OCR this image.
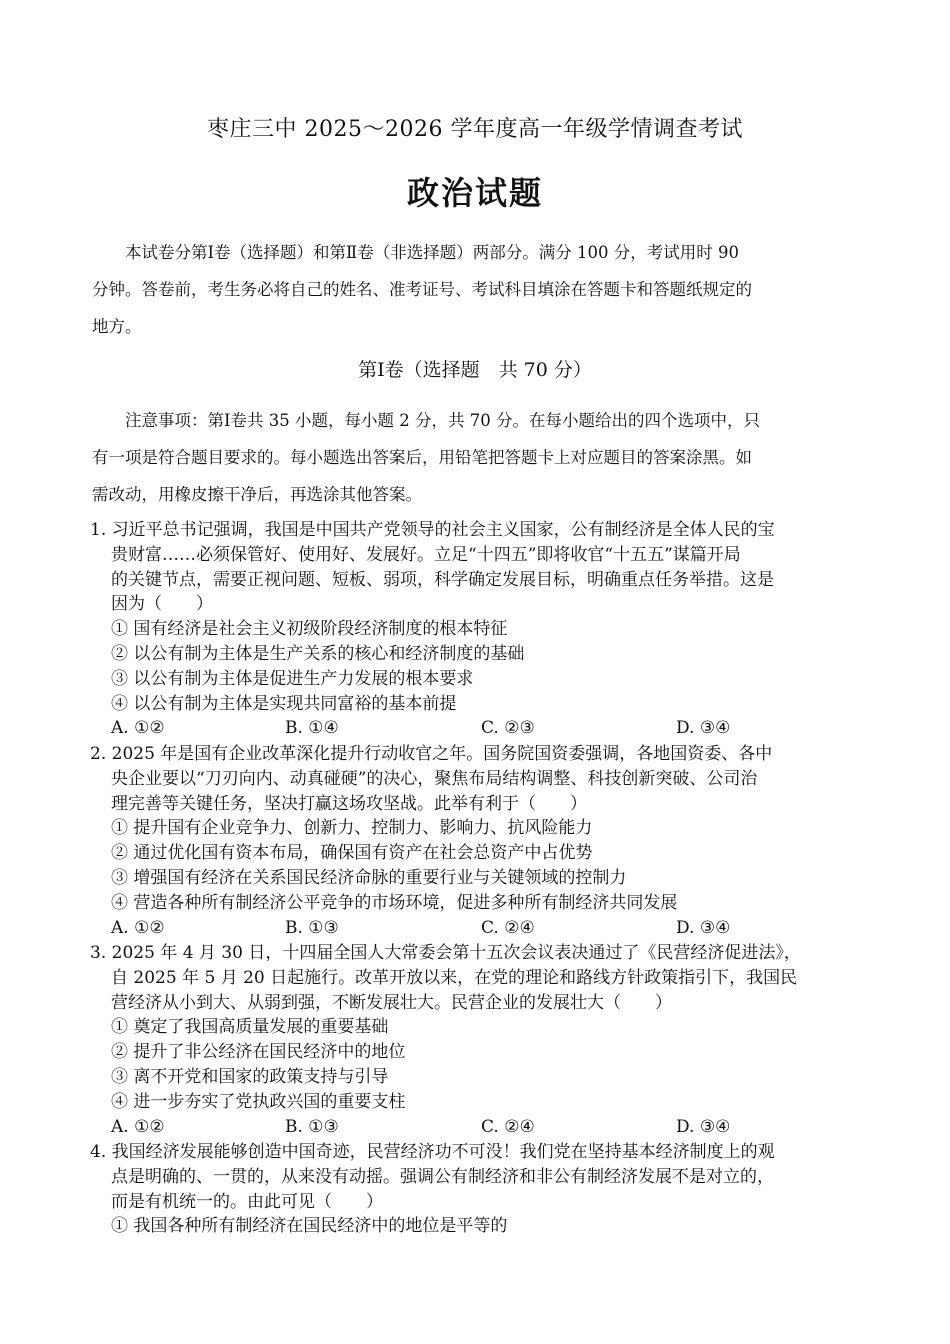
枣庄三中 2025～2026 学年度高一年级学情调查考试
政治试题
本试卷分第Ⅰ卷（选择题）和第Ⅱ卷（非选择题）两部分。满分 100 分，考试用时 90
分钟。答卷前，考生务必将自己的姓名、准考证号、考试科目填涂在答题卡和答题纸规定的
地方。
第Ⅰ卷（选择题　共 70 分）
注意事项：第Ⅰ卷共 35 小题，每小题 2 分，共 70 分。在每小题给出的四个选项中，只
有一项是符合题目要求的。每小题选出答案后，用铅笔把答题卡上对应题目的答案涂黑。如
需改动，用橡皮擦干净后，再选涂其他答案。
1. 习近平总书记强调，我国是中国共产党领导的社会主义国家，公有制经济是全体人民的宝
贵财富……必须保管好、使用好、发展好。立足“十四五”即将收官“十五五”谋篇开局
的关键节点，需要正视问题、短板、弱项，科学确定发展目标，明确重点任务举措。这是
因为（　　）
① 国有经济是社会主义初级阶段经济制度的根本特征
② 以公有制为主体是生产关系的核心和经济制度的基础
③ 以公有制为主体是促进生产力发展的根本要求
④ 以公有制为主体是实现共同富裕的基本前提
A. ①②	B. ①④	C. ②③	D. ③④
2. 2025 年是国有企业改革深化提升行动收官之年。国务院国资委强调，各地国资委、各中
央企业要以“刀刃向内、动真碰硬”的决心，聚焦布局结构调整、科技创新突破、公司治
理完善等关键任务，坚决打赢这场攻坚战。此举有利于（　　）
① 提升国有企业竞争力、创新力、控制力、影响力、抗风险能力
② 通过优化国有资本布局，确保国有资产在社会总资产中占优势
③ 增强国有经济在关系国民经济命脉的重要行业与关键领域的控制力
④ 营造各种所有制经济公平竞争的市场环境，促进多种所有制经济共同发展
A. ①②	B. ①③	C. ②④	D. ③④
3. 2025 年 4 月 30 日，十四届全国人大常委会第十五次会议表决通过了《民营经济促进法》，
自 2025 年 5 月 20 日起施行。改革开放以来，在党的理论和路线方针政策指引下，我国民
营经济从小到大、从弱到强，不断发展壮大。民营企业的发展壮大（　　）
① 奠定了我国高质量发展的重要基础
② 提升了非公经济在国民经济中的地位
③ 离不开党和国家的政策支持与引导
④ 进一步夯实了党执政兴国的重要支柱
A. ①②	B. ①③	C. ②④	D. ③④
4. 我国经济发展能够创造中国奇迹，民营经济功不可没！我们党在坚持基本经济制度上的观
点是明确的、一贯的，从来没有动摇。强调公有制经济和非公有制经济发展不是对立的，
而是有机统一的。由此可见（　　）
① 我国各种所有制经济在国民经济中的地位是平等的
